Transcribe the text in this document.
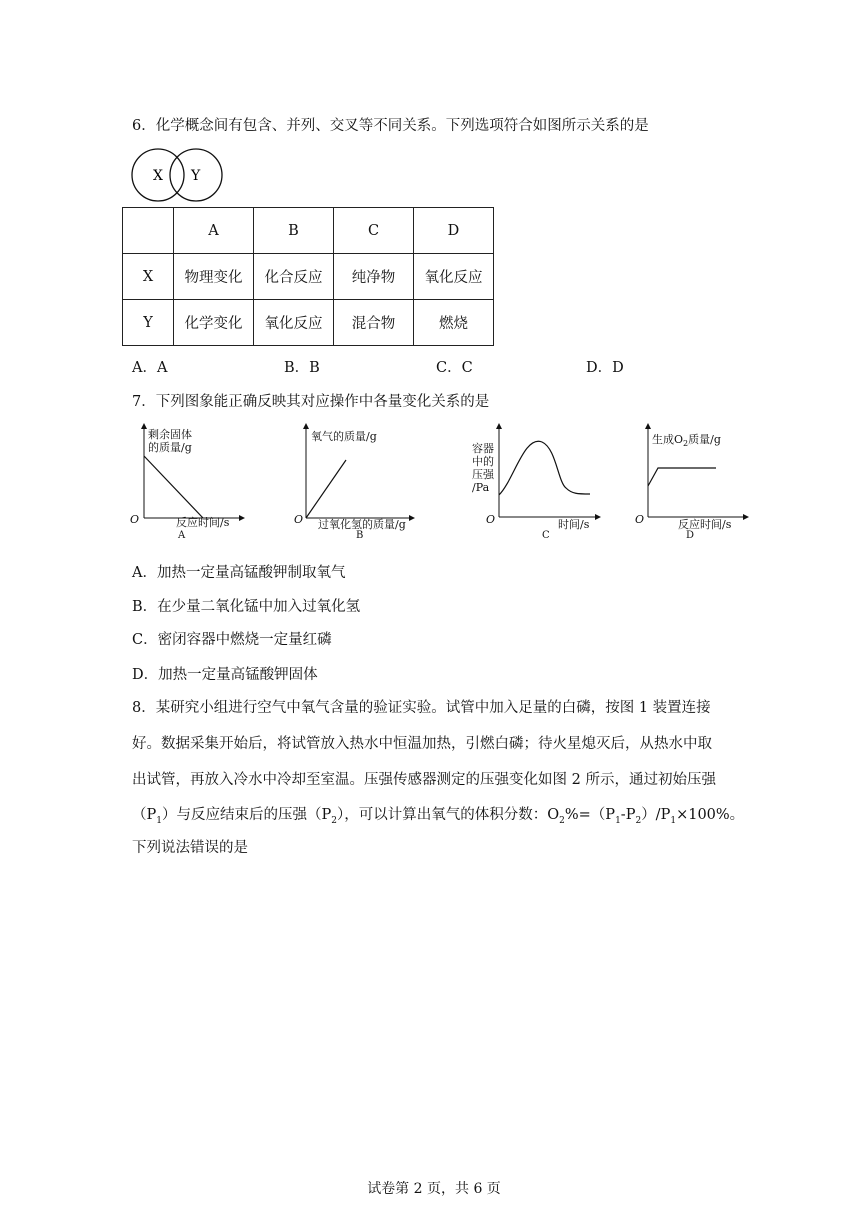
6．化学概念间有包含、并列、交叉等不同关系。下列选项符合如图所示关系的是
X Y
	A	B	C	D
X	物理变化	化合反应	纯净物	氧化反应
Y	化学变化	氧化反应	混合物	燃烧
A．A	B．B	C．C	D．D
7．下列图象能正确反映其对应操作中各量变化关系的是
剩余固体
的质量/g
O	反应时间/s
A
氧气的质量/g
O 过氧化氢的质量/g
B
容器
中的
压强
/Pa
O	时间/s
C
生成$O_2$质量/g
O	反应时间/s
D
A．加热一定量高锰酸钾制取氧气
B．在少量二氧化锰中加入过氧化氢
C．密闭容器中燃烧一定量红磷
D．加热一定量高锰酸钾固体
8．某研究小组进行空气中氧气含量的验证实验。试管中加入足量的白磷，按图 1 装置连接
好。数据采集开始后，将试管放入热水中恒温加热，引燃白磷；待火星熄灭后，从热水中取
出试管，再放入冷水中冷却至室温。压强传感器测定的压强变化如图 2 所示，通过初始压强
$(P_1)$与反应结束后的压强$(P_2)$，可以计算出氧气的体积分数：$O_2\%=(P_1-P_2)/P_1\times 100\%$。
下列说法错误的是
试卷第 2 页，共 6 页
